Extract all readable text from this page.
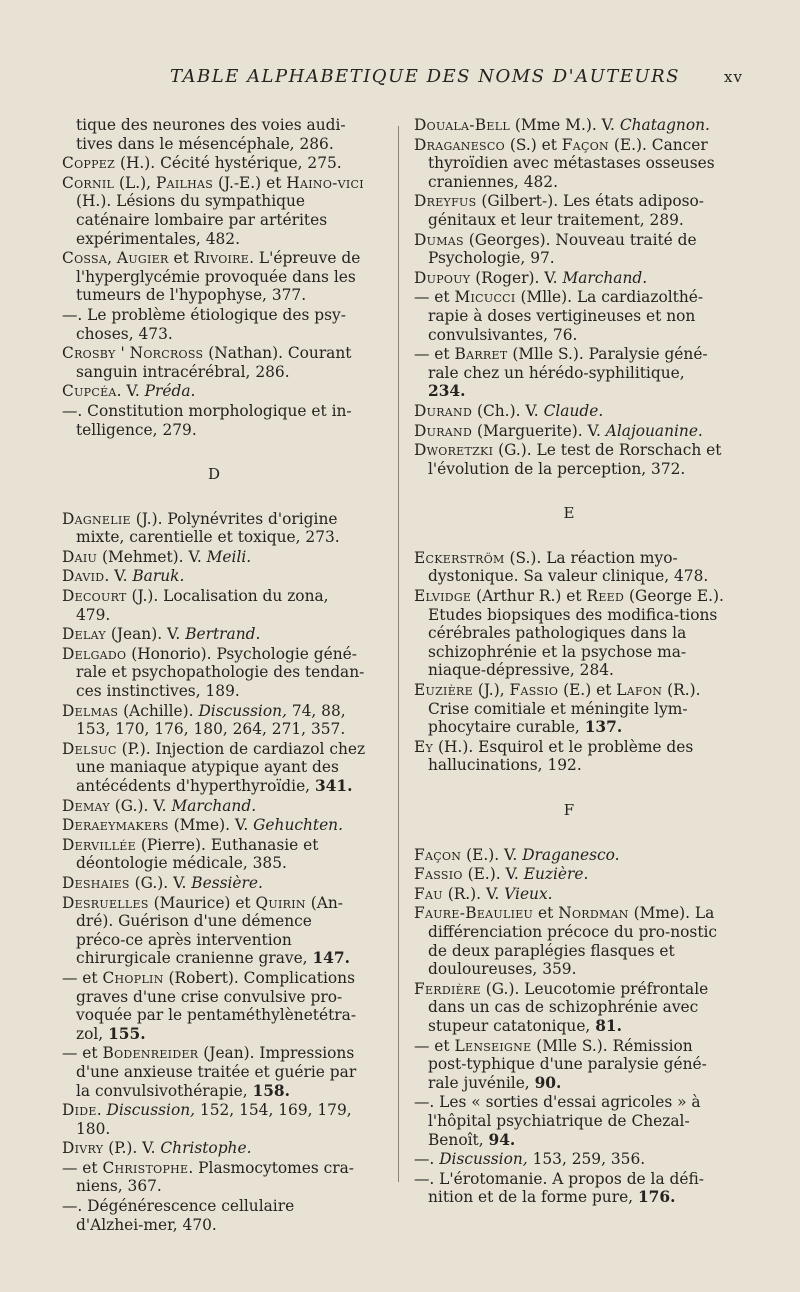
TABLE ALPHABETIQUE DES NOMS D'AUTEURS	xv

tique des neurones des voies audi-tives dans le mésencéphale, 286.

Coppez (H.). Cécité hystérique, 275.

Cornil (L.), Pailhas (J.-E.) et Haino-vici (H.). Lésions du sympathique caténaire lombaire par artérites expérimentales, 482.

Cossa, Augier et Rivoire. L'épreuve de l'hyperglycémie provoquée dans les tumeurs de l'hypophyse, 377.

—. Le problème étiologique des psy-choses, 473.

Crosby ' Norcross (Nathan). Courant sanguin intracérébral, 286.

Cupcéa. V. Préda.

—. Constitution morphologique et in-telligence, 279.

D

Dagnelie (J.). Polynévrites d'origine mixte, carentielle et toxique, 273.

Daiu (Mehmet). V. Meili.

David. V. Baruk.

Decourt (J.). Localisation du zona, 479.

Delay (Jean). V. Bertrand.

Delgado (Honorio). Psychologie géné-rale et psychopathologie des tendan-ces instinctives, 189.

Delmas (Achille). Discussion, 74, 88, 153, 170, 176, 180, 264, 271, 357.

Delsuc (P.). Injection de cardiazol chez une maniaque atypique ayant des antécédents d'hyperthyroïdie, 341.

Demay (G.). V. Marchand.

Deraeymakers (Mme). V. Gehuchten.

Dervillée (Pierre). Euthanasie et déontologie médicale, 385.

Deshaies (G.). V. Bessière.

Desruelles (Maurice) et Quirin (An-dré). Guérison d'une démence préco-ce après intervention chirurgicale cranienne grave, 147.

— et Choplin (Robert). Complications graves d'une crise convulsive pro-voquée par le pentaméthylènetétra-zol, 155.

— et Bodenreider (Jean). Impressions d'une anxieuse traitée et guérie par la convulsivothérapie, 158.

Dide. Discussion, 152, 154, 169, 179, 180.

Divry (P.). V. Christophe.

— et Christophe. Plasmocytomes cra-niens, 367.

—. Dégénérescence cellulaire d'Alzhei-mer, 470.

Douala-Bell (Mme M.). V. Chatagnon.

Draganesco (S.) et Façon (E.). Cancer thyroïdien avec métastases osseuses craniennes, 482.

Dreyfus (Gilbert-). Les états adiposo-génitaux et leur traitement, 289.

Dumas (Georges). Nouveau traité de Psychologie, 97.

Dupouy (Roger). V. Marchand.

— et Micucci (Mlle). La cardiazolthé-rapie à doses vertigineuses et non convulsivantes, 76.

— et Barret (Mlle S.). Paralysie géné-rale chez un hérédo-syphilitique, 234.

Durand (Ch.). V. Claude.

Durand (Marguerite). V. Alajouanine.

Dworetzki (G.). Le test de Rorschach et l'évolution de la perception, 372.

E

Eckerström (S.). La réaction myo-dystonique. Sa valeur clinique, 478.

Elvidge (Arthur R.) et Reed (George E.). Etudes biopsiques des modifica-tions cérébrales pathologiques dans la schizophrénie et la psychose ma-niaque-dépressive, 284.

Euzière (J.), Fassio (E.) et Lafon (R.). Crise comitiale et méningite lym-phocytaire curable, 137.

Ey (H.). Esquirol et le problème des hallucinations, 192.

F

Façon (E.). V. Draganesco.

Fassio (E.). V. Euzière.

Fau (R.). V. Vieux.

Faure-Beaulieu et Nordman (Mme). La différenciation précoce du pro-nostic de deux paraplégies flasques et douloureuses, 359.

Ferdière (G.). Leucotomie préfrontale dans un cas de schizophrénie avec stupeur catatonique, 81.

— et Lenseigne (Mlle S.). Rémission post-typhique d'une paralysie géné-rale juvénile, 90.

—. Les « sorties d'essai agricoles » à l'hôpital psychiatrique de Chezal-Benoît, 94.

—. Discussion, 153, 259, 356.

—. L'érotomanie. A propos de la défi-nition et de la forme pure, 176.
